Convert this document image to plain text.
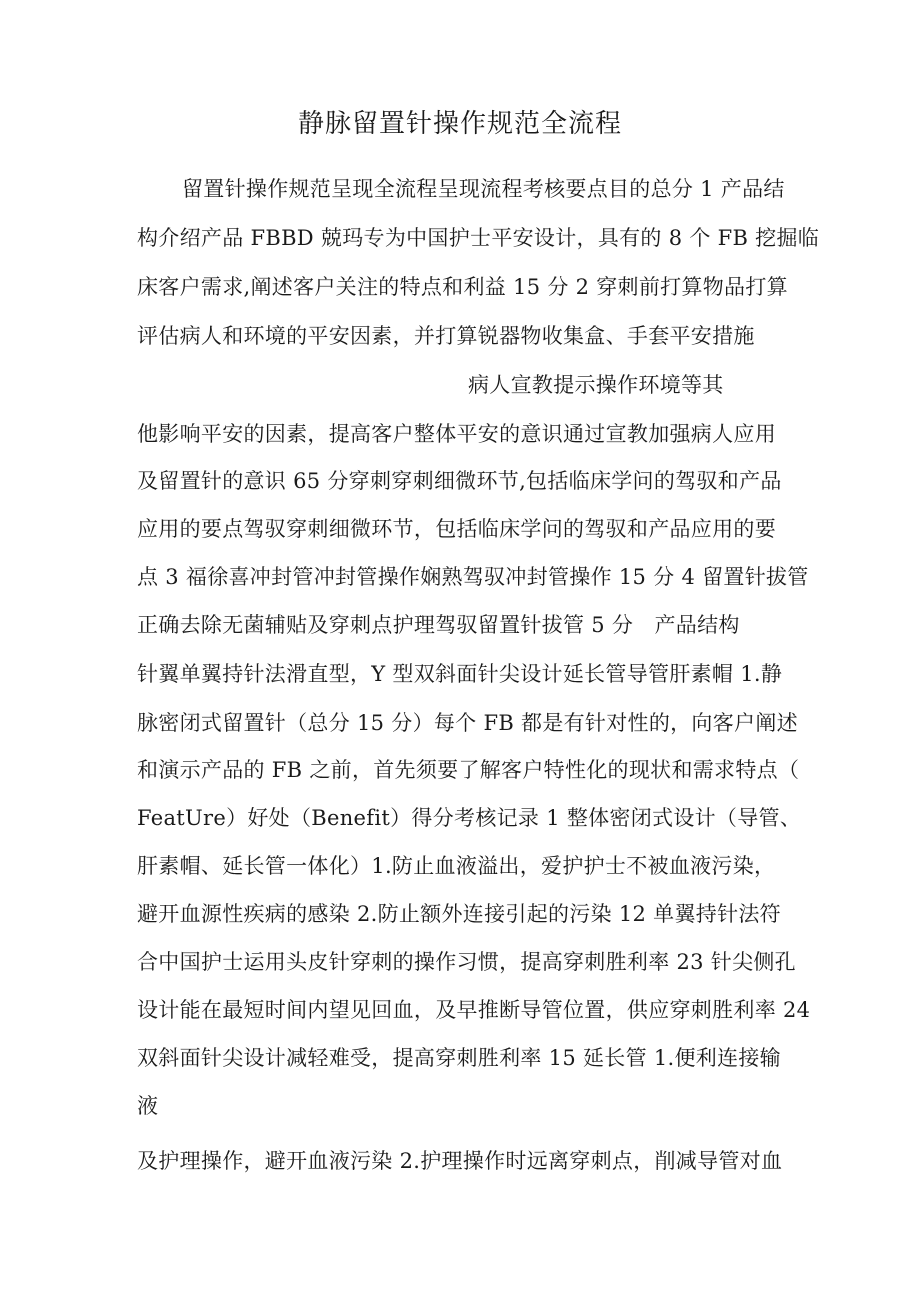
静脉留置针操作规范全流程
留置针操作规范呈现全流程呈现流程考核要点目的总分 1 产品结
构介绍产品 FBBD 兢玛专为中国护士平安设计，具有的 8 个 FB 挖掘临
床客户需求,阐述客户关注的特点和利益 15 分 2 穿刺前打算物品打算
评估病人和环境的平安因素，并打算锐器物收集盒、手套平安措施
病人宣教提示操作环境等其
他影响平安的因素，提高客户整体平安的意识通过宣教加强病人应用
及留置针的意识 65 分穿刺穿刺细微环节,包括临床学问的驾驭和产品
应用的要点驾驭穿刺细微环节，包括临床学问的驾驭和产品应用的要
点 3 福徐喜冲封管冲封管操作娴熟驾驭冲封管操作 15 分 4 留置针拔管
正确去除无菌辅贴及穿刺点护理驾驭留置针拔管 5 分　产品结构
针翼单翼持针法滑直型，Y 型双斜面针尖设计延长管导管肝素帽 1.静
脉密闭式留置针（总分 15 分）每个 FB 都是有针对性的，向客户阐述
和演示产品的 FB 之前，首先须要了解客户特性化的现状和需求特点（
FeatUre）好处（Benefit）得分考核记录 1 整体密闭式设计（导管、
肝素帽、延长管一体化）1.防止血液溢出，爱护护士不被血液污染，
避开血源性疾病的感染 2.防止额外连接引起的污染 12 单翼持针法符
合中国护士运用头皮针穿刺的操作习惯，提高穿刺胜利率 23 针尖侧孔
设计能在最短时间内望见回血，及早推断导管位置，供应穿刺胜利率 24
双斜面针尖设计减轻难受，提高穿刺胜利率 15 延长管 1.便利连接输
液
及护理操作，避开血液污染 2.护理操作时远离穿刺点，削减导管对血
